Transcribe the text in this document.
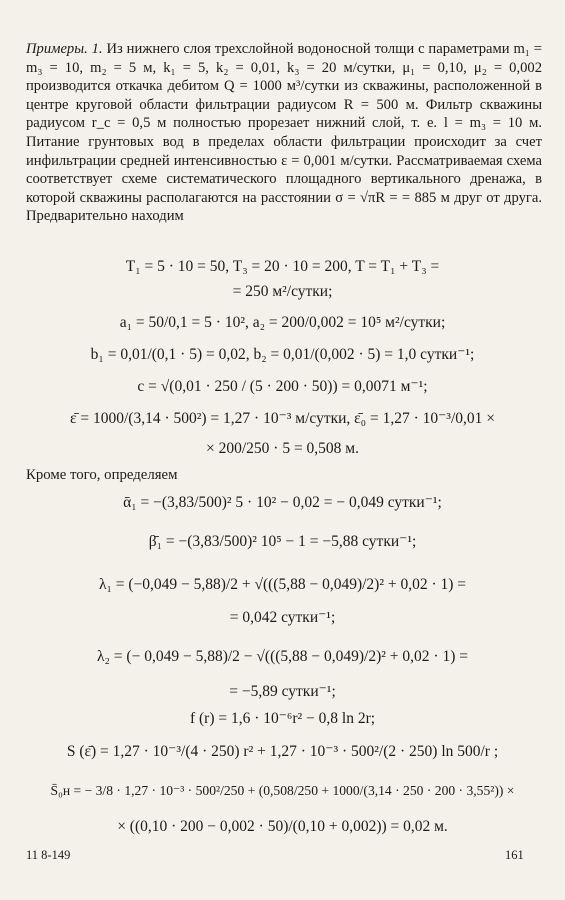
Примеры. 1. Из нижнего слоя трехслойной водоносной толщи с параметрами m₁ = m₃ = 10, m₂ = 5 м, k₁ = 5, k₂ = 0,01, k₃ = 20 м/сутки, μ₁ = 0,10, μ₂ = 0,002 производится откачка дебитом Q = 1000 м³/сутки из скважины, расположенной в центре круговой области фильтрации радиусом R = 500 м. Фильтр скважины радиусом r_c = 0,5 м полностью прорезает нижний слой, т. е. l = m₃ = 10 м. Питание грунтовых вод в пределах области фильтрации происходит за счет инфильтрации средней интенсивностью ε = 0,001 м/сутки. Рассматриваемая схема соответствует схеме систематического площадного вертикального дренажа, в которой скважины располагаются на расстоянии σ = √πR = = 885 м друг от друга. Предварительно находим

T₁ = 5 · 10 = 50, T₃ = 20 · 10 = 200, T = T₁ + T₃ =
= 250 м²/сутки;
a₁ = 50/0,1 = 5 · 10², a₂ = 200/0,002 = 10⁵ м²/сутки;
b₁ = 0,01/(0,1 · 5) = 0,02, b₂ = 0,01/(0,002 · 5) = 1,0 сутки⁻¹;
c = √(0,01 · 250 / (5 · 200 · 50)) = 0,0071 м⁻¹;
ε̄ = 1000/(3,14 · 500²) = 1,27 · 10⁻³ м/сутки, ε̄₀ = 1,27 · 10⁻³/0,01 ×
× 200/250 · 5 = 0,508 м.
Кроме того, определяем
ᾱ₁ = −(3,83/500)² 5 · 10² − 0,02 = − 0,049 сутки⁻¹;
β̄₁ = −(3,83/500)² 10⁵ − 1 = −5,88 сутки⁻¹;
λ₁ = (−0,049 − 5,88)/2 + √(((5,88 − 0,049)/2)² + 0,02 · 1) =
= 0,042 сутки⁻¹;
λ₂ = (− 0,049 − 5,88)/2 − √(((5,88 − 0,049)/2)² + 0,02 · 1) =
= −5,89 сутки⁻¹;
f (r) = 1,6 · 10⁻⁶r² − 0,8 ln 2r;
S (ε̄) = 1,27 · 10⁻³/(4 · 250) r² + 1,27 · 10⁻³ · 500²/(2 · 250) ln 500/r ;
S̄₀н = − 3/8 · 1,27 · 10⁻³ · 500²/250 + (0,508/250 + 1000/(3,14 · 250 · 200 · 3,55²)) ×
× ((0,10 · 200 − 0,002 · 50)/(0,10 + 0,002)) = 0,02 м.
11 8-149	161
